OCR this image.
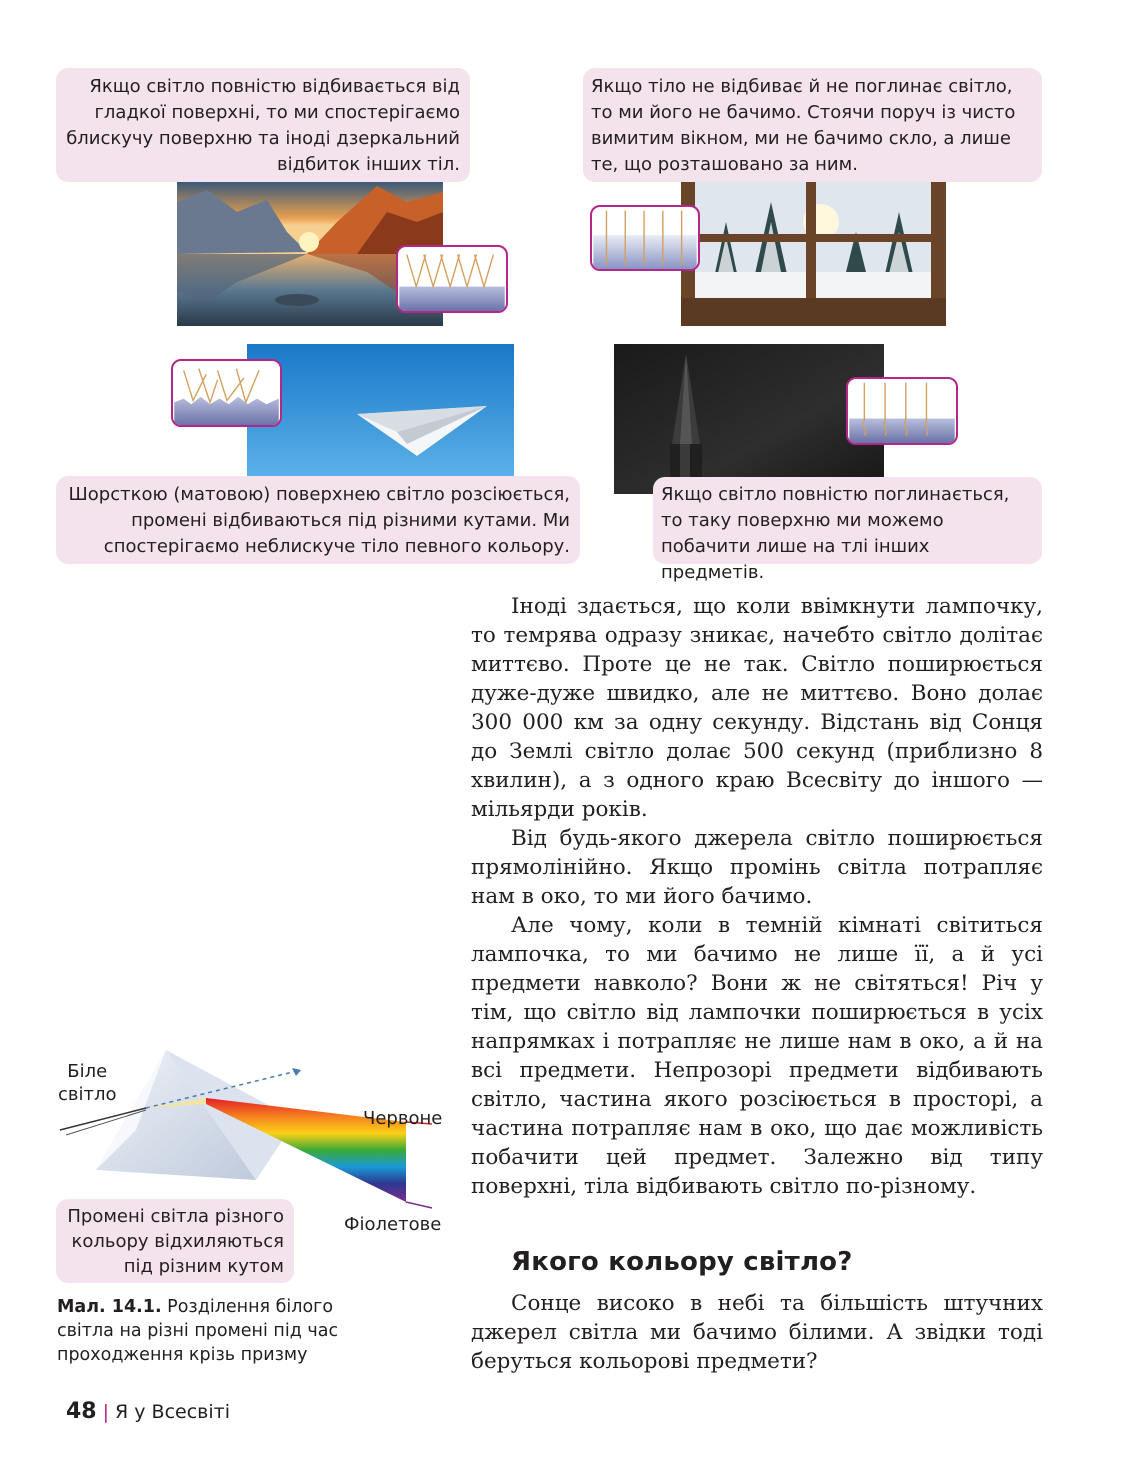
Якщо світло повністю відбивається від гладкої поверхні, то ми спостерігаємо блискучу поверхню та іноді дзеркальний відбиток інших тіл.
Якщо тіло не відбиває й не поглинає світло, то ми його не бачимо. Стоячи поруч із чисто вимитим вікном, ми не бачимо скло, а лише те, що розташовано за ним.
Шорсткою (матовою) поверхнею світло розсіюється, промені відбиваються під різними кутами. Ми спостерігаємо неблискуче тіло певного кольору.
Якщо світло повністю поглинається, то таку поверхню ми можемо побачити лише на тлі інших предметів.

Іноді здається, що коли ввімкнути лампочку, то темрява одразу зникає, начебто світло долітає миттєво. Проте це не так. Світло поширюється дуже-дуже швидко, але не миттєво. Воно долає 300 000 км за одну секунду. Відстань від Сонця до Землі світло долає 500 секунд (приблизно 8 хвилин), а з одного краю Всесвіту до іншого — мільярди років.

Від будь-якого джерела світло поширюється прямолінійно. Якщо промінь світла потрапляє нам в око, то ми його бачимо.

Але чому, коли в темній кімнаті світиться лампочка, то ми бачимо не лише її, а й усі предмети навколо? Вони ж не світяться! Річ у тім, що світло від лампочки поширюється в усіх напрямках і потрапляє не лише нам в око, а й на всі предмети. Непрозорі предмети відбивають світло, частина якого розсіюється в просторі, а частина потрапляє нам в око, що дає можливість побачити цей предмет. Залежно від типу поверхні, тіла відбивають світло по-різному.

Якого кольору світло?

Сонце високо в небі та більшість штучних джерел світла ми бачимо білими. А звідки тоді беруться кольорові предмети?

Біле
світло
Червоне
Фіолетове
Промені світла різного
кольору відхиляються
під різним кутом
Мал. 14.1. Розділення білого світла на різні промені під час проходження крізь призму
48 | Я у Всесвіті
